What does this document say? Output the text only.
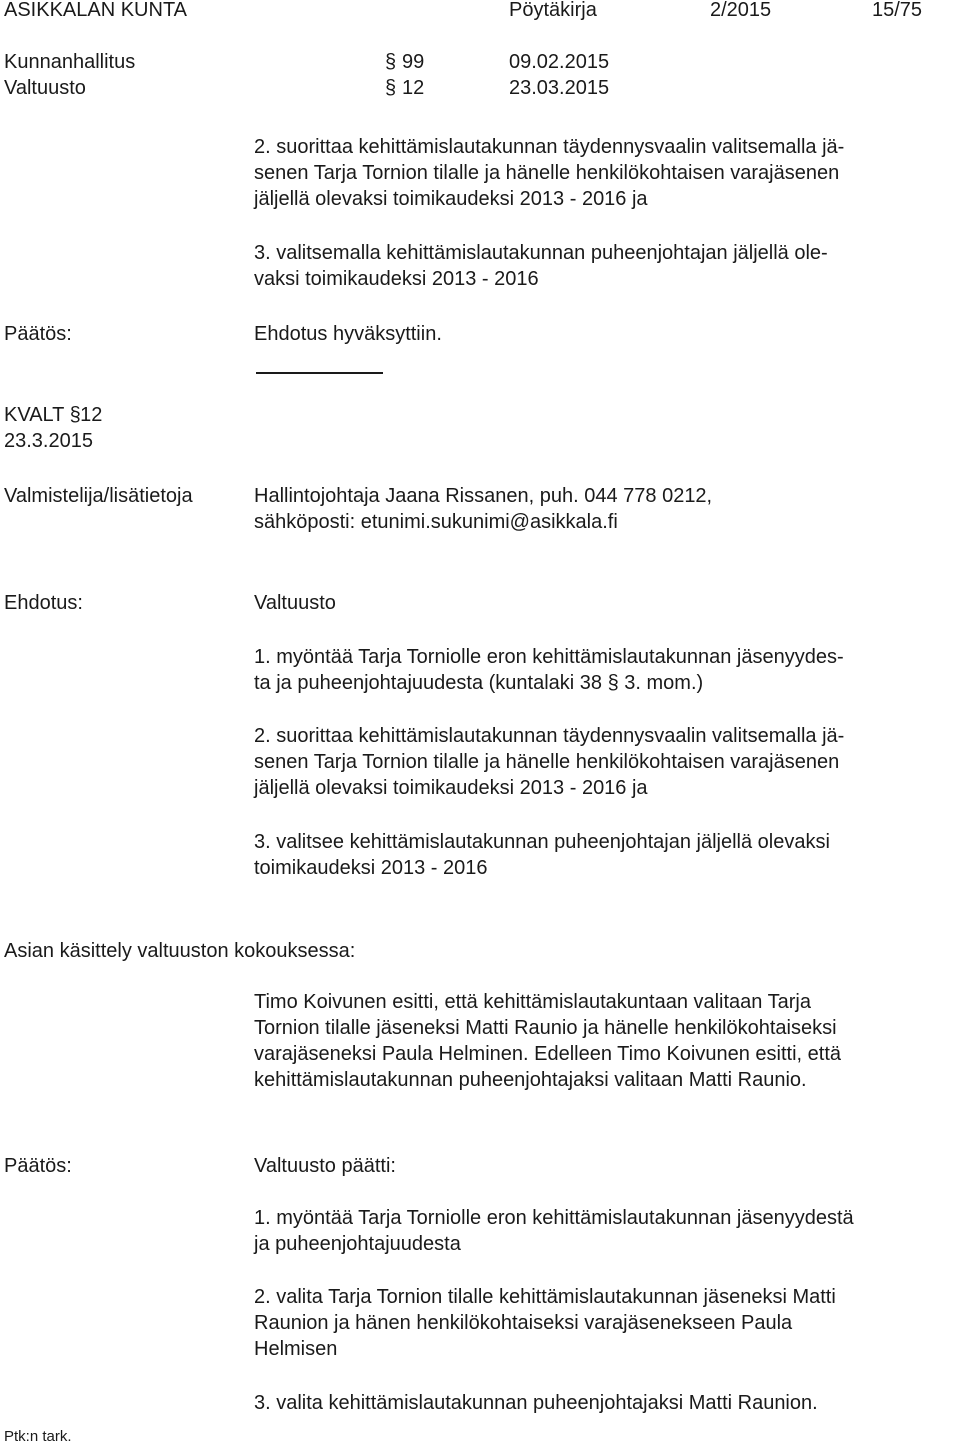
ASIKKALAN KUNTA	Pöytäkirja	2/2015	15/75
Kunnanhallitus	§ 99	09.02.2015
Valtuusto	§ 12	23.03.2015
2. suorittaa kehittämislautakunnan täydennysvaalin valitsemalla jä-
senen Tarja Tornion tilalle ja hänelle henkilökohtaisen varajäsenen
jäljellä olevaksi toimikaudeksi 2013 - 2016 ja
3. valitsemalla kehittämislautakunnan puheenjohtajan jäljellä ole-
vaksi toimikaudeksi 2013 - 2016
Päätös:	Ehdotus hyväksyttiin.
KVALT §12
23.3.2015
Valmistelija/lisätietoja	Hallintojohtaja Jaana Rissanen, puh. 044 778 0212,
sähköposti: etunimi.sukunimi@asikkala.fi
Ehdotus:	Valtuusto
1. myöntää Tarja Torniolle eron kehittämislautakunnan jäsenyydes-
ta ja puheenjohtajuudesta (kuntalaki 38 § 3. mom.)
2. suorittaa kehittämislautakunnan täydennysvaalin valitsemalla jä-
senen Tarja Tornion tilalle ja hänelle henkilökohtaisen varajäsenen
jäljellä olevaksi toimikaudeksi 2013 - 2016 ja
3. valitsee kehittämislautakunnan puheenjohtajan jäljellä olevaksi
toimikaudeksi 2013 - 2016
Asian käsittely valtuuston kokouksessa:
Timo Koivunen esitti, että kehittämislautakuntaan valitaan Tarja
Tornion tilalle jäseneksi Matti Raunio ja hänelle henkilökohtaiseksi
varajäseneksi Paula Helminen. Edelleen Timo Koivunen esitti, että
kehittämislautakunnan puheenjohtajaksi valitaan Matti Raunio.
Päätös:	Valtuusto päätti:
1. myöntää Tarja Torniolle eron kehittämislautakunnan jäsenyydestä
ja puheenjohtajuudesta
2. valita Tarja Tornion tilalle kehittämislautakunnan jäseneksi Matti
Raunion ja hänen henkilökohtaiseksi varajäsenekseen Paula
Helmisen
3. valita kehittämislautakunnan puheenjohtajaksi Matti Raunion.
Ptk:n tark.
